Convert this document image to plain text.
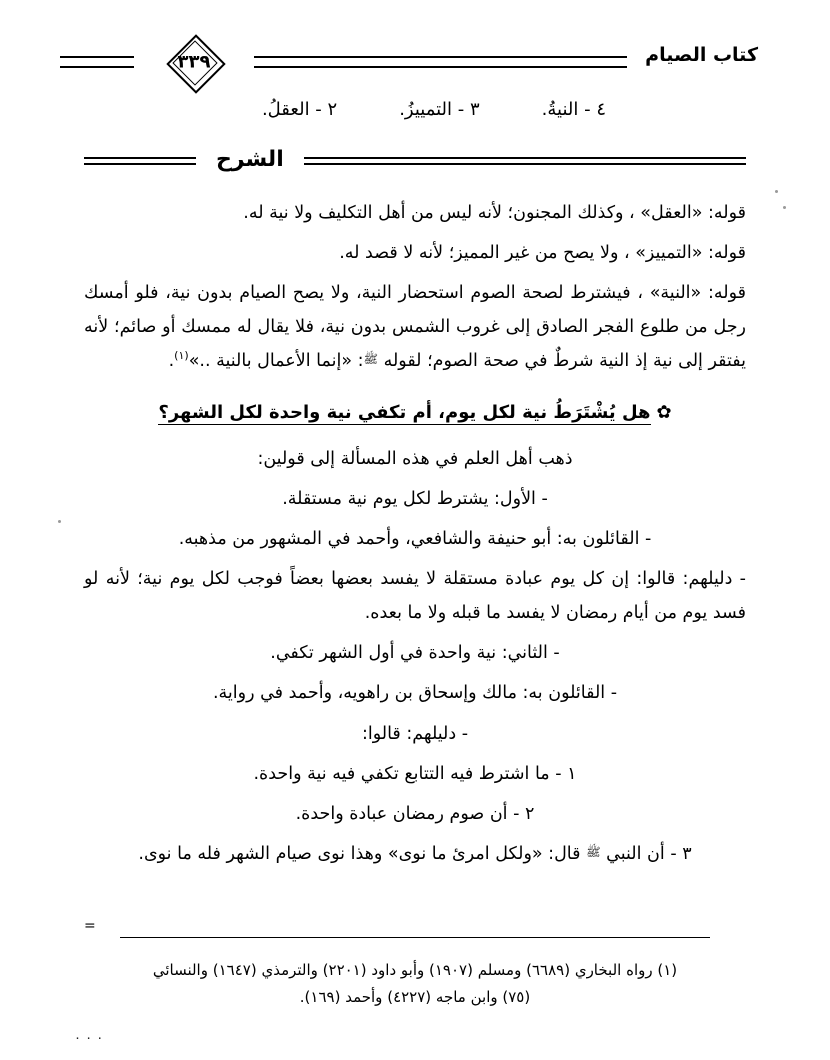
٣٣٩	كتاب الصيام
٤ - النيةُ.
٣ - التمييزُ.
٢ - العقلُ.
الشرح

قوله: «العقل» ، وكذلك المجنون؛ لأنه ليس من أهل التكليف ولا نية له.

قوله: «التمييز» ، ولا يصح من غير المميز؛ لأنه لا قصد له.

قوله: «النية» ، فيشترط لصحة الصوم استحضار النية، ولا يصح الصيام بدون نية، فلو أمسك رجل من طلوع الفجر الصادق إلى غروب الشمس بدون نية، فلا يقال له ممسك أو صائم؛ لأنه يفتقر إلى نية إذ النية شرطٌ في صحة الصوم؛ لقوله ﷺ: «إنما الأعمال بالنية ..»$^{(١)}$.

✿هل يُشْتَرَطُ نية لكل يوم، أم تكفي نية واحدة لكل الشهر؟

ذهب أهل العلم في هذه المسألة إلى قولين:

- الأول: يشترط لكل يوم نية مستقلة.

- القائلون به: أبو حنيفة والشافعي، وأحمد في المشهور من مذهبه.

- دليلهم: قالوا: إن كل يوم عبادة مستقلة لا يفسد بعضها بعضاً فوجب لكل يوم نية؛ لأنه لو فسد يوم من أيام رمضان لا يفسد ما قبله ولا ما بعده.

- الثاني: نية واحدة في أول الشهر تكفي.

- القائلون به: مالك وإسحاق بن راهويه، وأحمد في رواية.

- دليلهم: قالوا:

١ - ما اشترط فيه التتابع تكفي فيه نية واحدة.

٢ - أن صوم رمضان عبادة واحدة.

٣ - أن النبي ﷺ قال: «ولكل امرئ ما نوى» وهذا نوى صيام الشهر فله ما نوى.

=
(١) رواه البخاري (٦٦٨٩) ومسلم (١٩٠٧) وأبو داود (٢٢٠١) والترمذي (١٦٤٧) والنسائي
(٧٥) وابن ماجه (٤٢٢٧) وأحمد (١٦٩).
٠ ٠ ٠
